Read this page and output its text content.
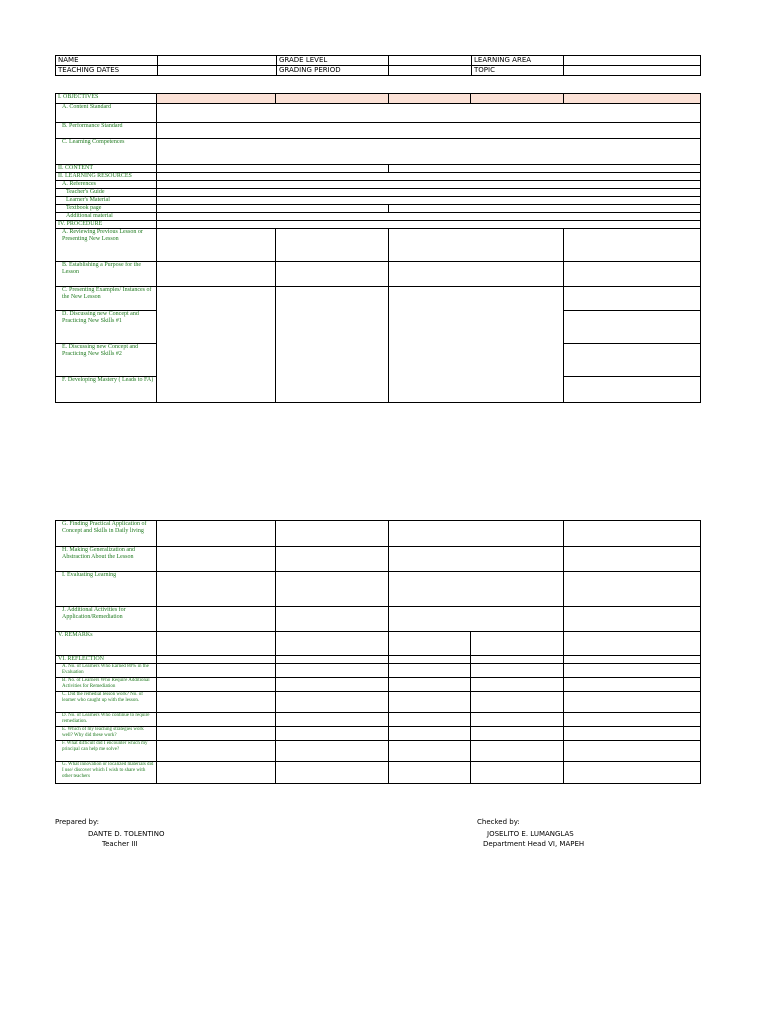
NAME		GRADE LEVEL		LEARNING AREA	
TEACHING DATES		GRADING PERIOD		TOPIC	
I. OBJECTIVES					
A. Content Standard					
B. Performance Standard					
C. Learning Competences					
II. CONTENT					
II. LEARNING RESOURCES					
A. References					
Teacher's Guide					
Learner's Material					
Textbook page					
Additional material					
IV. PROCEDURE					
A. Reviewing Previous Lesson or Presenting New Lesson					
B. Establishing a Purpose for the Lesson					
C. Presenting Examples/ Instances of the New Lesson					
D. Discussing new Concept and Practicing New Skills #1					
E. Discussing new Concept and Practicing New Skills #2					
F. Developing Mastery ( Leads to FA)					
G. Finding Practical Application of Concept and Skills in Daily living					
H. Making Generalization and Abstraction About the Lesson					
I. Evaluating Learning					
J. Additional Activities for Application/Remediation					
V. REMARKs					
VI. REFLECTION					
A. No. of Learners Who Earned 80% in the Evaluation					
B. No. of Learners Who Require Additional Activities for Remediation					
C. Did the remedial lesson work? No. of learner who caught up with the lesson.					
D. No. of Learners Who continue to require remediation.					
E. Which of my teaching strategies work well? Why did these work?					
F. What difficult did I encounter which my principal can help me solve?					
G. What innovation or localized materials did I use/ discover which I wish to share with other teachers					
Prepared by:
DANTE D. TOLENTINO
Teacher III
Checked by:
JOSELITO E. LUMANGLAS
Department Head VI, MAPEH
